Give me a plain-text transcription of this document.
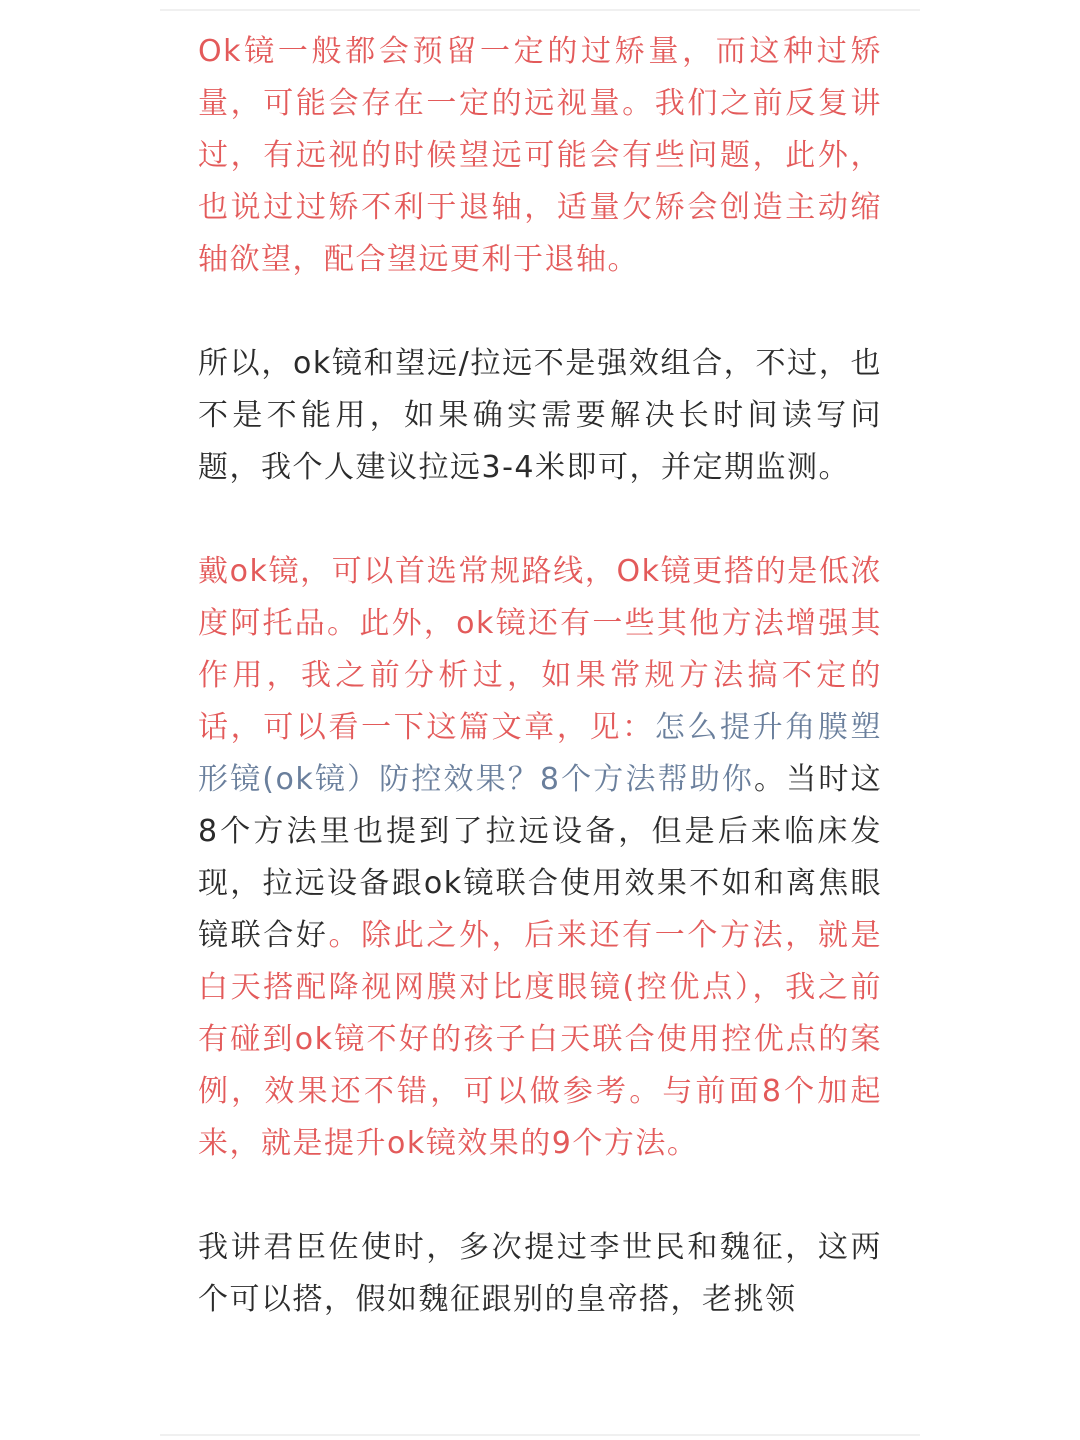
Ok镜一般都会预留一定的过矫量，而这种过矫量，可能会存在一定的远视量。我们之前反复讲过，有远视的时候望远可能会有些问题，此外，也说过过矫不利于退轴，适量欠矫会创造主动缩轴欲望，配合望远更利于退轴。

所以，ok镜和望远/拉远不是强效组合，不过，也不是不能用，如果确实需要解决长时间读写问题，我个人建议拉远3-4米即可，并定期监测。

戴ok镜，可以首选常规路线，Ok镜更搭的是低浓度阿托品。此外，ok镜还有一些其他方法增强其作用，我之前分析过，如果常规方法搞不定的话，可以看一下这篇文章，见：怎么提升角膜塑形镜(ok镜）防控效果？8个方法帮助你。当时这8个方法里也提到了拉远设备，但是后来临床发现，拉远设备跟ok镜联合使用效果不如和离焦眼镜联合好。除此之外，后来还有一个方法，就是白天搭配降视网膜对比度眼镜(控优点），我之前有碰到ok镜不好的孩子白天联合使用控优点的案例，效果还不错，可以做参考。与前面8个加起来，就是提升ok镜效果的9个方法。

我讲君臣佐使时，多次提过李世民和魏征，这两个可以搭，假如魏征跟别的皇帝搭，老挑领
